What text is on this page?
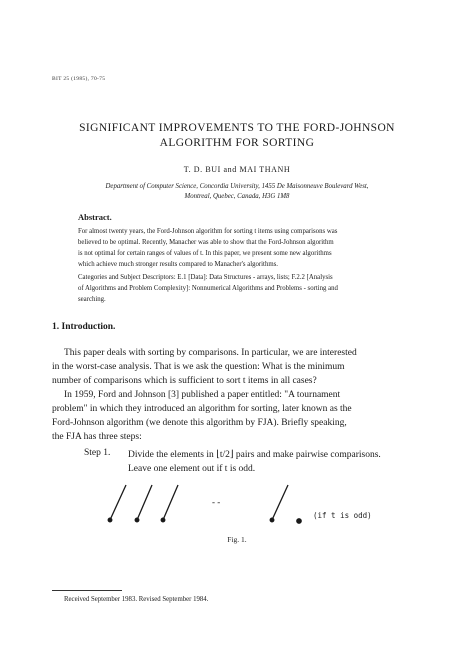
BIT 25 (1985), 70-75
SIGNIFICANT IMPROVEMENTS TO THE FORD-JOHNSON
ALGORITHM FOR SORTING
T. D. BUI and MAI THANH
Department of Computer Science, Concordia University, 1455 De Maisonneuve Boulevard West,
Montreal, Quebec, Canada, H3G 1M8
Abstract.
For almost twenty years, the Ford-Johnson algorithm for sorting t items using comparisons was
believed to be optimal. Recently, Manacher was able to show that the Ford-Johnson algorithm
is not optimal for certain ranges of values of t. In this paper, we present some new algorithms
which achieve much stronger results compared to Manacher's algorithms.
Categories and Subject Descriptors: E.1 [Data]: Data Structures - arrays, lists; F.2.2 [Analysis
of Algorithms and Problem Complexity]: Nonnumerical Algorithms and Problems - sorting and
searching.
1. Introduction.
This paper deals with sorting by comparisons. In particular, we are interested
in the worst-case analysis. That is we ask the question: What is the minimum
number of comparisons which is sufficient to sort t items in all cases?
In 1959, Ford and Johnson [3] published a paper entitled: "A tournament
problem" in which they introduced an algorithm for sorting, later known as the
Ford-Johnson algorithm (we denote this algorithm by FJA). Briefly speaking,
the FJA has three steps:
Step 1. Divide the elements in ⌊t/2⌋ pairs and make pairwise comparisons.
Leave one element out if t is odd.
- -
(if t is odd)
Fig. 1.
Received September 1983. Revised September 1984.
